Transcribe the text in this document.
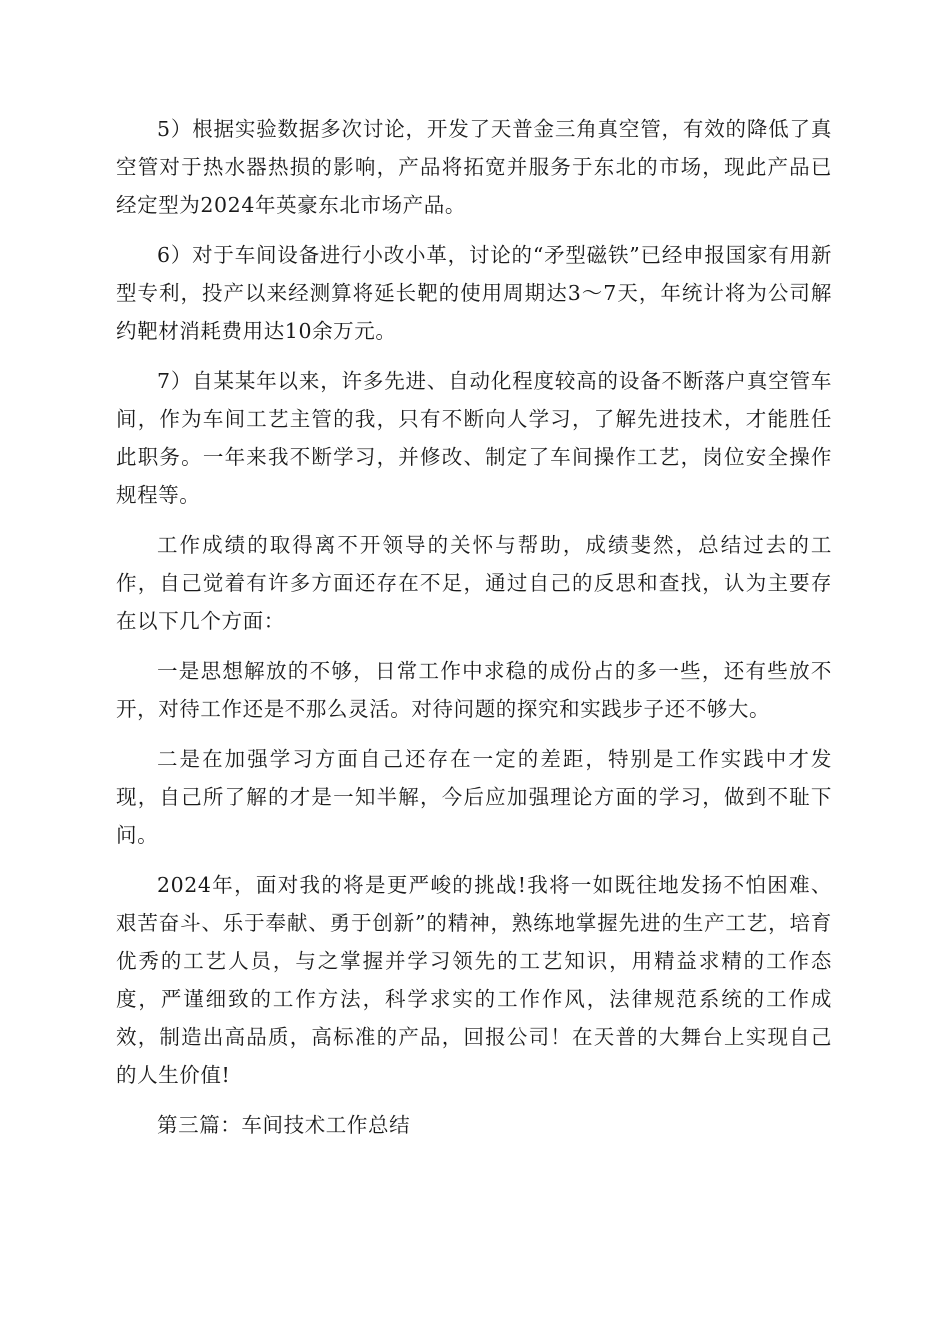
5）根据实验数据多次讨论，开发了天普金三角真空管，有效的降低了真空管对于热水器热损的影响，产品将拓宽并服务于东北的市场，现此产品已经定型为2024年英豪东北市场产品。

6）对于车间设备进行小改小革，讨论的“矛型磁铁”已经申报国家有用新型专利，投产以来经测算将延长靶的使用周期达3～7天，年统计将为公司解约靶材消耗费用达10余万元。

7）自某某年以来，许多先进、自动化程度较高的设备不断落户真空管车间，作为车间工艺主管的我，只有不断向人学习，了解先进技术，才能胜任此职务。一年来我不断学习，并修改、制定了车间操作工艺，岗位安全操作规程等。

工作成绩的取得离不开领导的关怀与帮助，成绩斐然，总结过去的工作，自己觉着有许多方面还存在不足，通过自己的反思和查找，认为主要存在以下几个方面：

一是思想解放的不够，日常工作中求稳的成份占的多一些，还有些放不开，对待工作还是不那么灵活。对待问题的探究和实践步子还不够大。

二是在加强学习方面自己还存在一定的差距，特别是工作实践中才发现，自己所了解的才是一知半解，今后应加强理论方面的学习，做到不耻下问。

2024年，面对我的将是更严峻的挑战!我将一如既往地发扬不怕困难、艰苦奋斗、乐于奉献、勇于创新”的精神，熟练地掌握先进的生产工艺，培育优秀的工艺人员，与之掌握并学习领先的工艺知识，用精益求精的工作态度，严谨细致的工作方法，科学求实的工作作风，法律规范系统的工作成效，制造出高品质，高标准的产品，回报公司！在天普的大舞台上实现自己的人生价值!

第三篇：车间技术工作总结
